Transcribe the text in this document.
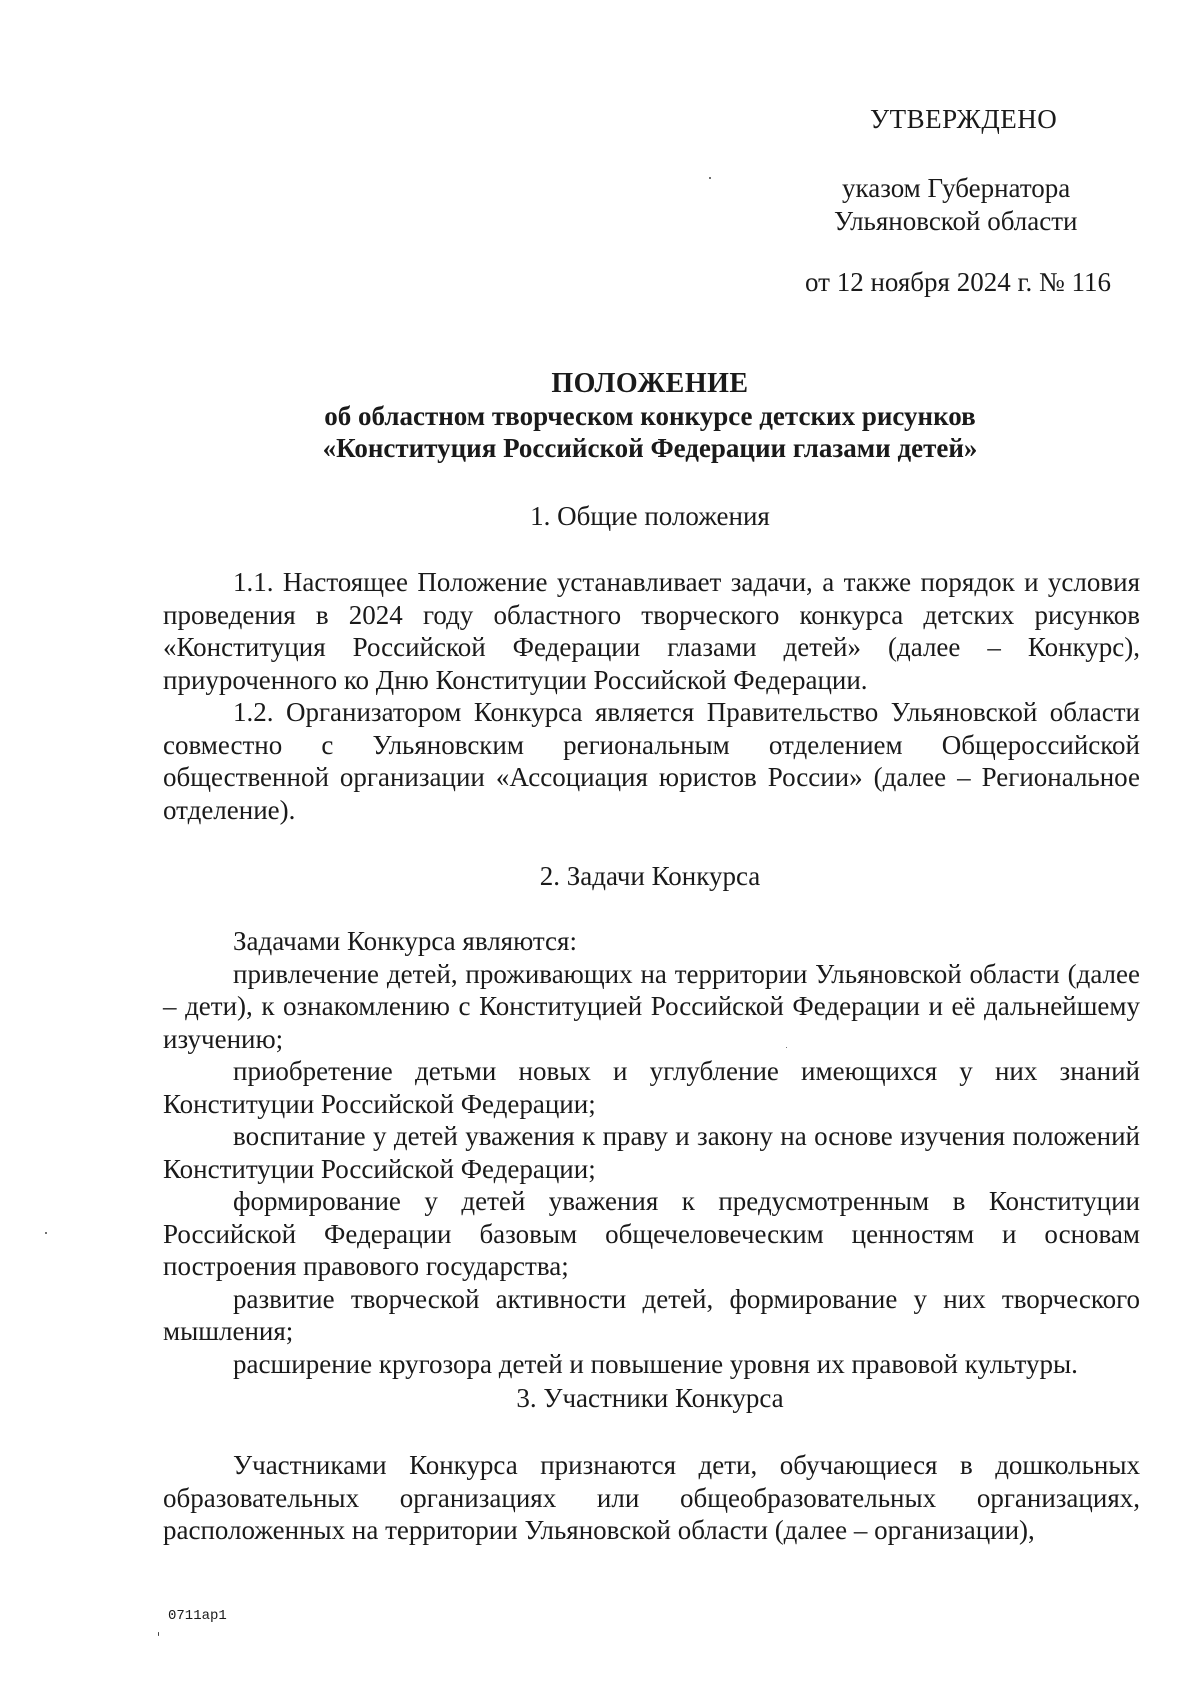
УТВЕРЖДЕНО
указом Губернатора
Ульяновской области
от 12 ноября 2024 г. № 116

ПОЛОЖЕНИЕ

об областном творческом конкурсе детских рисунков

«Конституция Российской Федерации глазами детей»

1. Общие положения

1.1. Настоящее Положение устанавливает задачи, а также порядок и условия проведения в 2024 году областного творческого конкурса детских рисунков «Конституция Российской Федерации глазами детей» (далее – Конкурс), приуроченного ко Дню Конституции Российской Федерации.

1.2. Организатором Конкурса является Правительство Ульяновской области совместно с Ульяновским региональным отделением Общероссийской общественной организации «Ассоциация юристов России» (далее – Региональное отделение).

2. Задачи Конкурса

Задачами Конкурса являются:

привлечение детей, проживающих на территории Ульяновской области (далее – дети), к ознакомлению с Конституцией Российской Федерации и её дальнейшему изучению;

приобретение детьми новых и углубление имеющихся у них знаний Конституции Российской Федерации;

воспитание у детей уважения к праву и закону на основе изучения положений Конституции Российской Федерации;

формирование у детей уважения к предусмотренным в Конституции Российской Федерации базовым общечеловеческим ценностям и основам построения правового государства;

развитие творческой активности детей, формирование у них творческого мышления;

расширение кругозора детей и повышение уровня их правовой культуры.

3. Участники Конкурса

Участниками Конкурса признаются дети, обучающиеся в дошкольных образовательных организациях или общеобразовательных организациях, расположенных на территории Ульяновской области (далее – организации),

0711ap1
